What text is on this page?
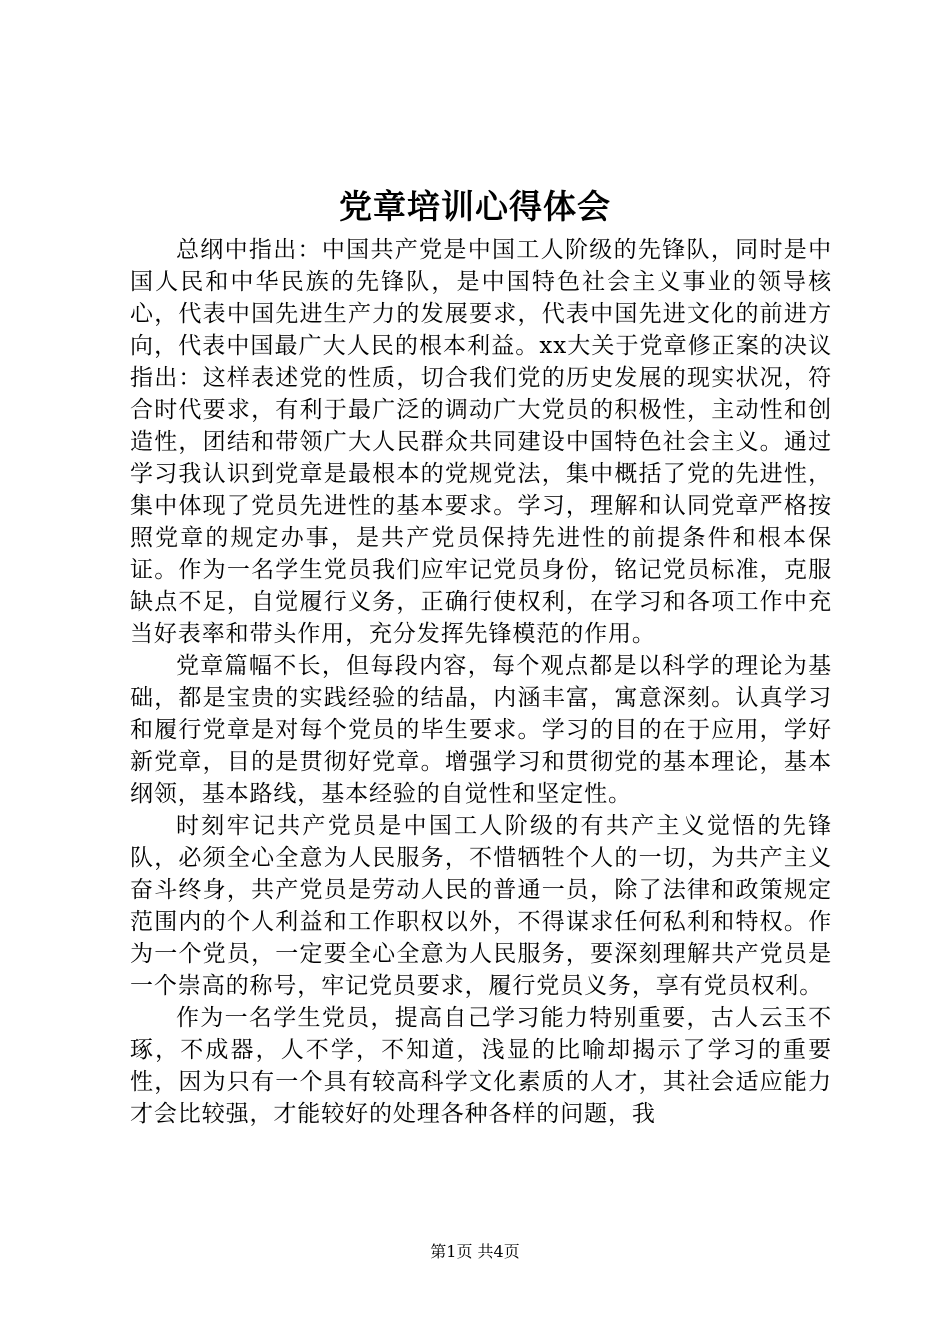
党章培训心得体会

总纲中指出：中国共产党是中国工人阶级的先锋队，同时是中国人民和中华民族的先锋队，是中国特色社会主义事业的领导核心，代表中国先进生产力的发展要求，代表中国先进文化的前进方向，代表中国最广大人民的根本利益。xx大关于党章修正案的决议指出：这样表述党的性质，切合我们党的历史发展的现实状况，符合时代要求，有利于最广泛的调动广大党员的积极性，主动性和创造性，团结和带领广大人民群众共同建设中国特色社会主义。通过学习我认识到党章是最根本的党规党法，集中概括了党的先进性，集中体现了党员先进性的基本要求。学习，理解和认同党章严格按照党章的规定办事，是共产党员保持先进性的前提条件和根本保证。作为一名学生党员我们应牢记党员身份，铭记党员标准，克服缺点不足，自觉履行义务，正确行使权利，在学习和各项工作中充当好表率和带头作用，充分发挥先锋模范的作用。

党章篇幅不长，但每段内容，每个观点都是以科学的理论为基础，都是宝贵的实践经验的结晶，内涵丰富，寓意深刻。认真学习和履行党章是对每个党员的毕生要求。学习的目的在于应用，学好新党章，目的是贯彻好党章。增强学习和贯彻党的基本理论，基本纲领，基本路线，基本经验的自觉性和坚定性。

时刻牢记共产党员是中国工人阶级的有共产主义觉悟的先锋队，必须全心全意为人民服务，不惜牺牲个人的一切，为共产主义奋斗终身，共产党员是劳动人民的普通一员，除了法律和政策规定范围内的个人利益和工作职权以外，不得谋求任何私利和特权。作为一个党员，一定要全心全意为人民服务，要深刻理解共产党员是一个崇高的称号，牢记党员要求，履行党员义务，享有党员权利。

作为一名学生党员，提高自己学习能力特别重要，古人云玉不琢，不成器，人不学，不知道，浅显的比喻却揭示了学习的重要性，因为只有一个具有较高科学文化素质的人才，其社会适应能力才会比较强，才能较好的处理各种各样的问题，我

第1页 共4页
